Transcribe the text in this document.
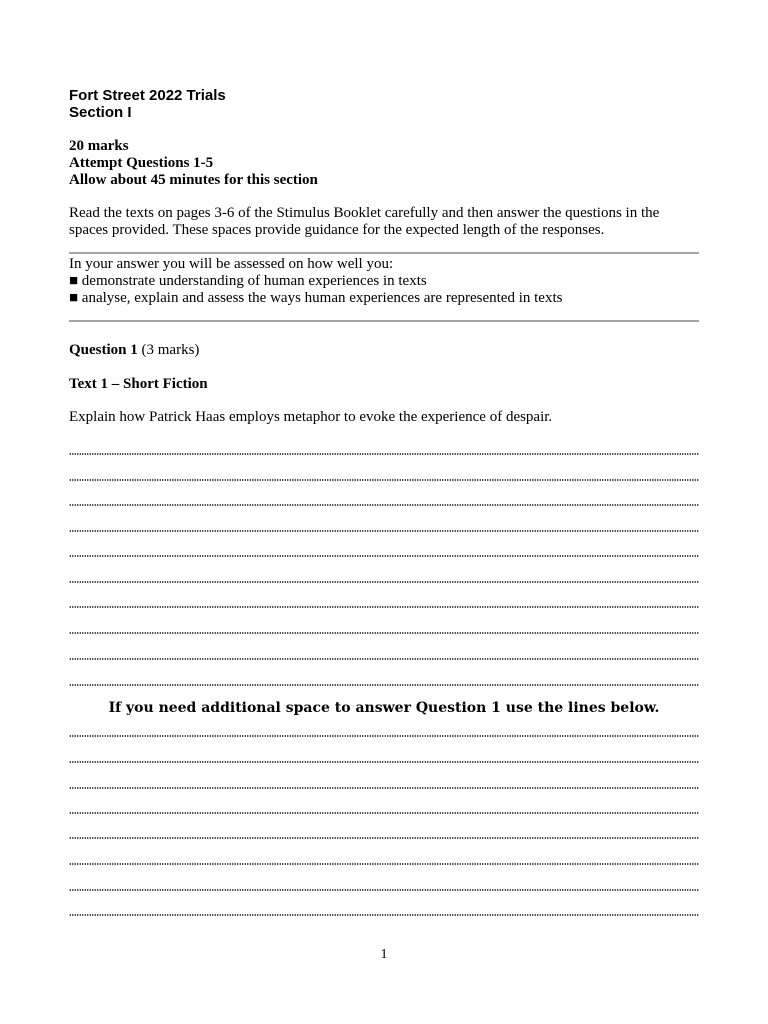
Fort Street 2022 Trials
Section I
20 marks
Attempt Questions 1-5
Allow about 45 minutes for this section
Read the texts on pages 3-6 of the Stimulus Booklet carefully and then answer the questions in the
spaces provided. These spaces provide guidance for the expected length of the responses.
In your answer you will be assessed on how well you:
■ demonstrate understanding of human experiences in texts
■ analyse, explain and assess the ways human experiences are represented in texts
Question 1 (3 marks)
Text 1 – Short Fiction
Explain how Patrick Haas employs metaphor to evoke the experience of despair.
If you need additional space to answer Question 1 use the lines below.
1
